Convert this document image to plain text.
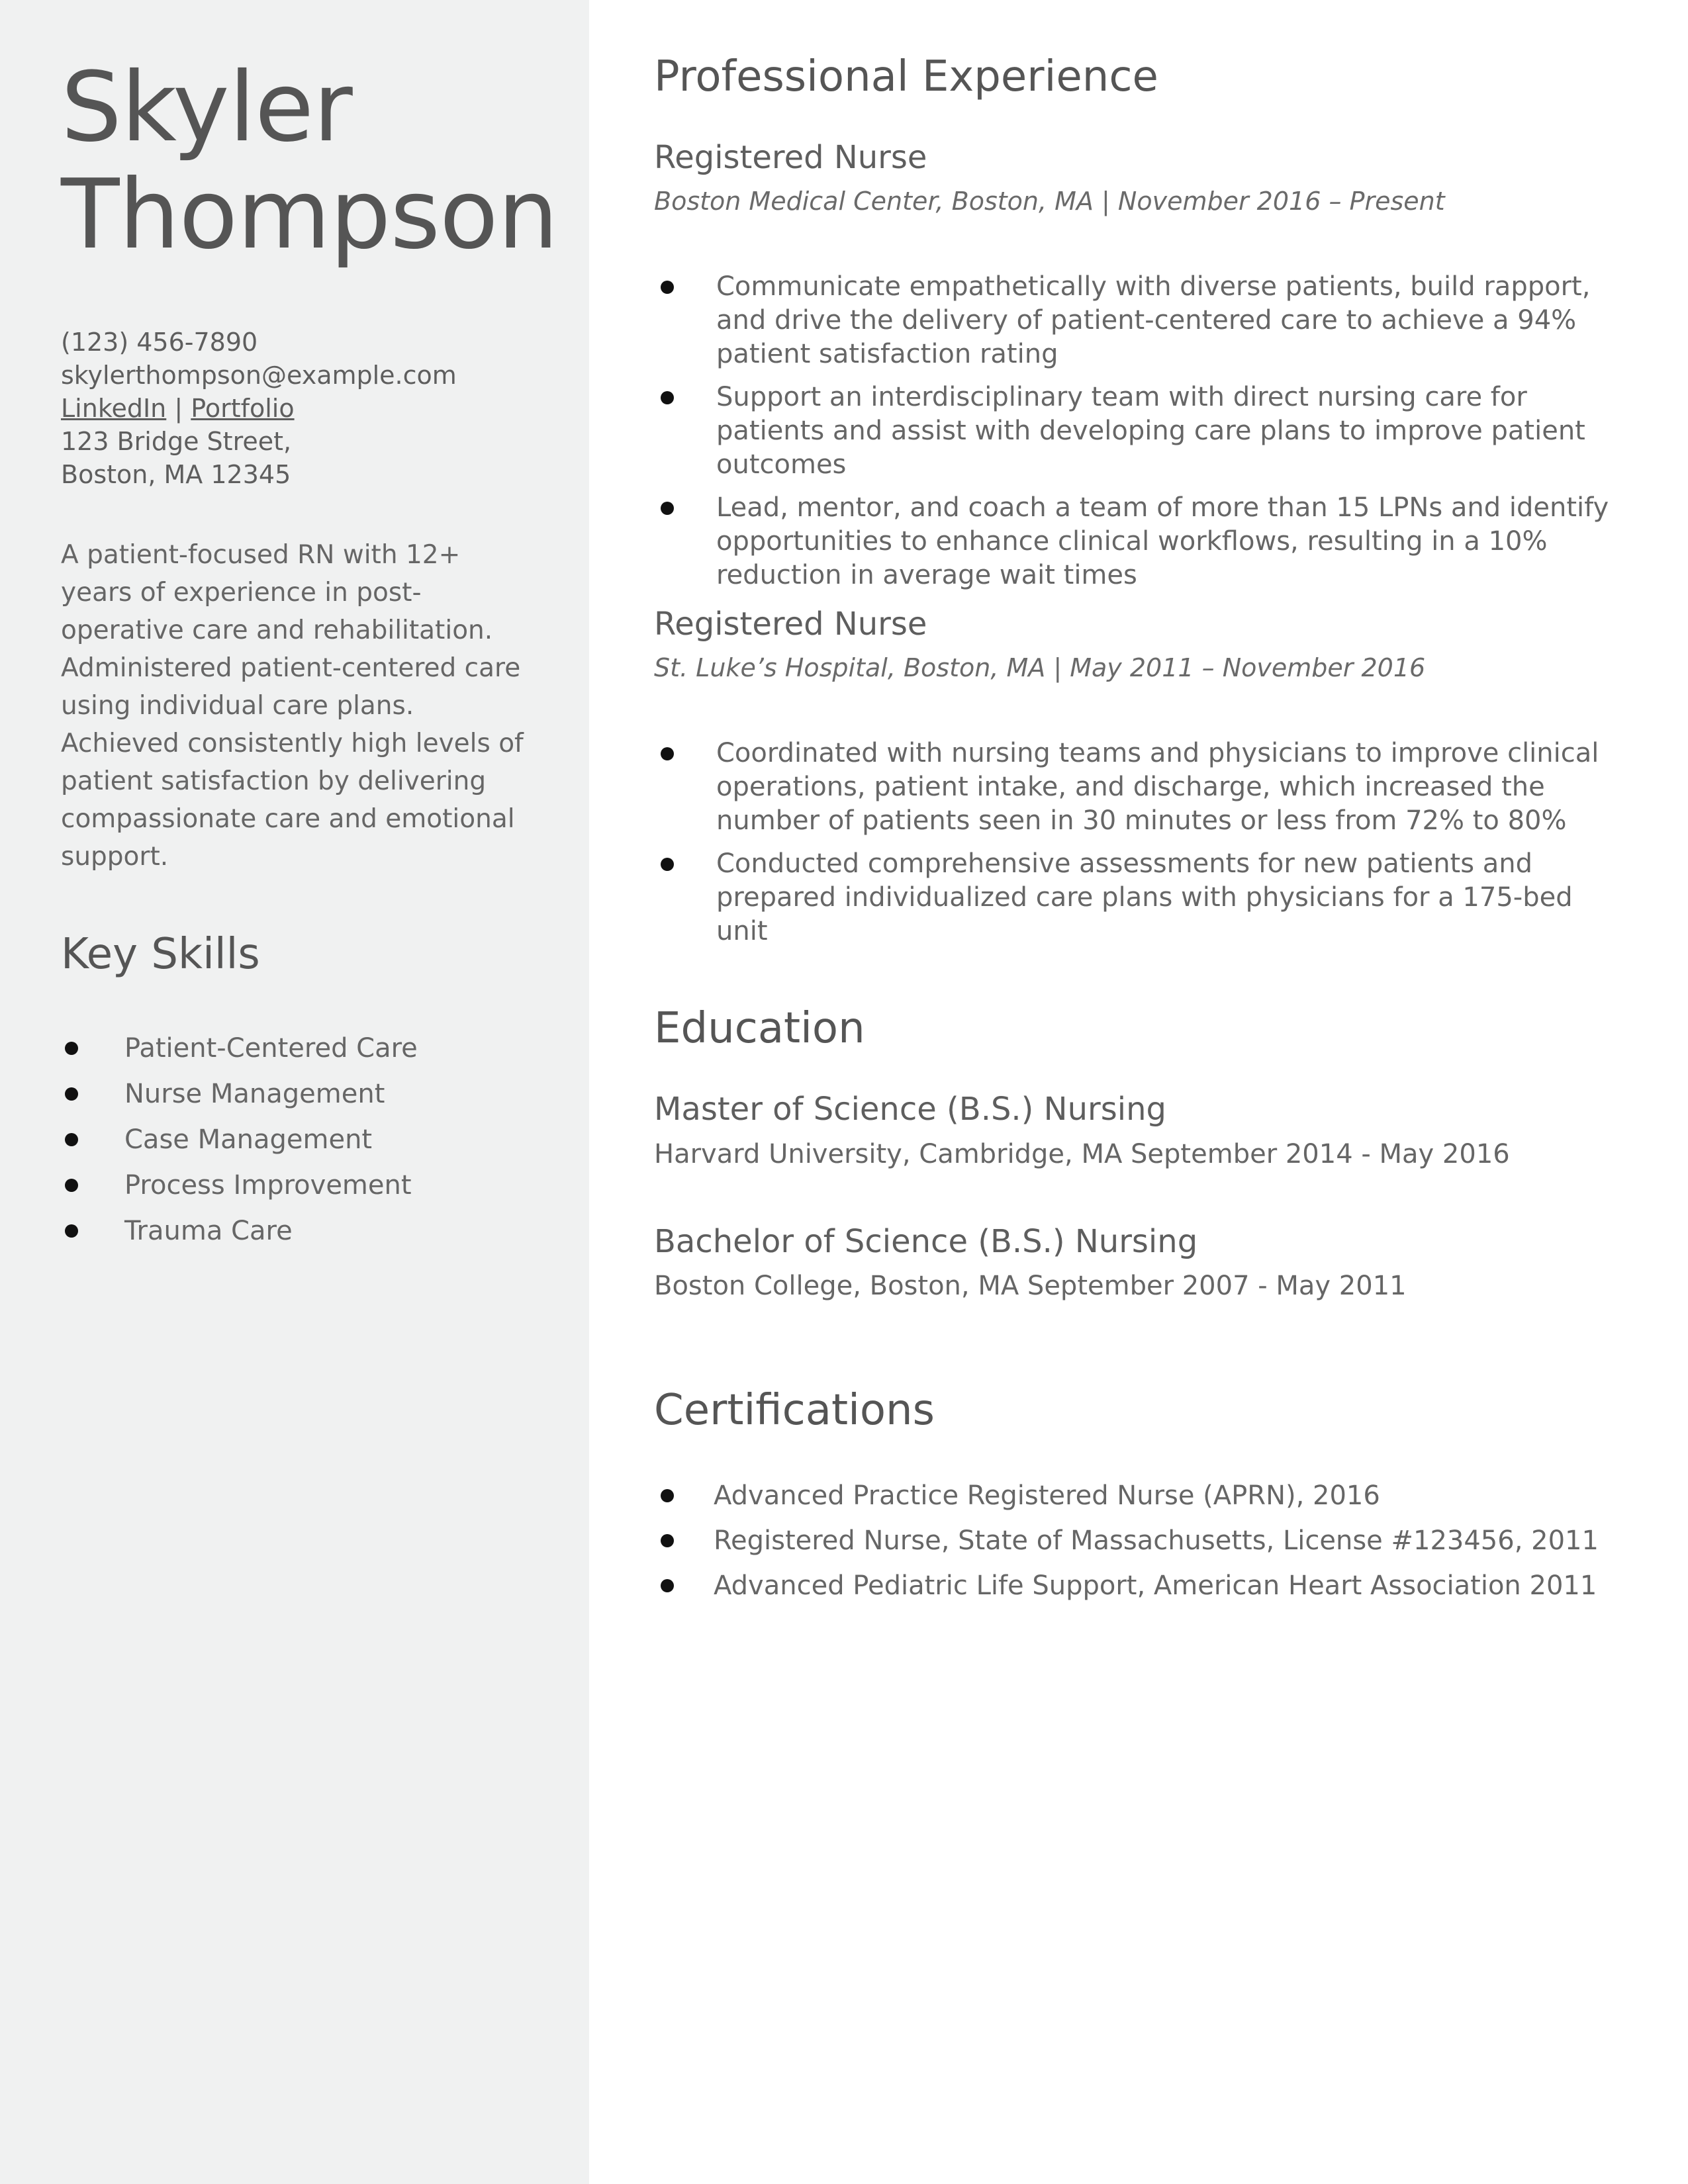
Skyler
Thompson
(123) 456-7890
skylerthompson@example.com
LinkedIn | Portfolio
123 Bridge Street,
Boston, MA 12345

A patient-focused RN with 12+ years of experience in post-operative care and rehabilitation. Administered patient-centered care using individual care plans. Achieved consistently high levels of patient satisfaction by delivering compassionate care and emotional support.

Key Skills
Patient-Centered Care
Nurse Management
Case Management
Process Improvement
Trauma Care
Professional Experience
Registered Nurse

Boston Medical Center, Boston, MA | November 2016 – Present

Communicate empathetically with diverse patients, build rapport, and drive the delivery of patient-centered care to achieve a 94% patient satisfaction rating
Support an interdisciplinary team with direct nursing care for patients and assist with developing care plans to improve patient outcomes
Lead, mentor, and coach a team of more than 15 LPNs and identify opportunities to enhance clinical workflows, resulting in a 10% reduction in average wait times
Registered Nurse

St. Luke’s Hospital, Boston, MA | May 2011 – November 2016

Coordinated with nursing teams and physicians to improve clinical operations, patient intake, and discharge, which increased the number of patients seen in 30 minutes or less from 72% to 80%
Conducted comprehensive assessments for new patients and prepared individualized care plans with physicians for a 175-bed unit
Education
Master of Science (B.S.) Nursing

Harvard University, Cambridge, MA September 2014 - May 2016

Bachelor of Science (B.S.) Nursing

Boston College, Boston, MA September 2007 - May 2011

Certifications
Advanced Practice Registered Nurse (APRN), 2016
Registered Nurse, State of Massachusetts, License #123456, 2011
Advanced Pediatric Life Support, American Heart Association 2011
